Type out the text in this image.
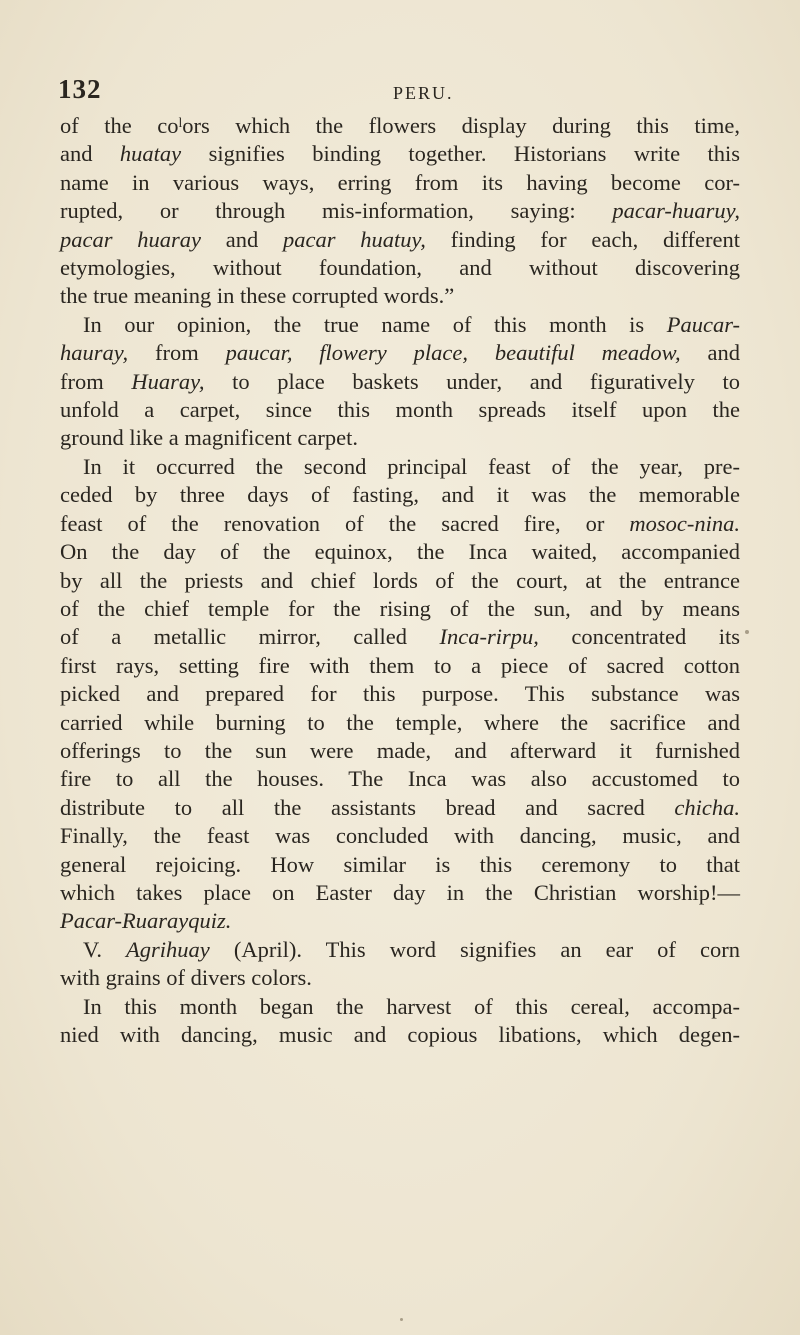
132	PERU.
of the coˡors which the flowers display during this time,
and huatay signifies binding together. Historians write this
name in various ways, erring from its having become cor-
rupted, or through mis-information, saying: pacar-huaruy,
pacar huaray and pacar huatuy, finding for each, different
etymologies, without foundation, and without discovering
the true meaning in these corrupted words.”
In our opinion, the true name of this month is Paucar-
hauray, from paucar, flowery place, beautiful meadow, and
from Huaray, to place baskets under, and figuratively to
unfold a carpet, since this month spreads itself upon the
ground like a magnificent carpet.
In it occurred the second principal feast of the year, pre-
ceded by three days of fasting, and it was the memorable
feast of the renovation of the sacred fire, or mosoc-nina.
On the day of the equinox, the Inca waited, accompanied
by all the priests and chief lords of the court, at the entrance
of the chief temple for the rising of the sun, and by means
of a metallic mirror, called Inca-rirpu, concentrated its
first rays, setting fire with them to a piece of sacred cotton
picked and prepared for this purpose. This substance was
carried while burning to the temple, where the sacrifice and
offerings to the sun were made, and afterward it furnished
fire to all the houses. The Inca was also accustomed to
distribute to all the assistants bread and sacred chicha.
Finally, the feast was concluded with dancing, music, and
general rejoicing. How similar is this ceremony to that
which takes place on Easter day in the Christian worship!—
Pacar-Ruarayquiz.
V. Agrihuay (April). This word signifies an ear of corn
with grains of divers colors.
In this month began the harvest of this cereal, accompa-
nied with dancing, music and copious libations, which degen-
